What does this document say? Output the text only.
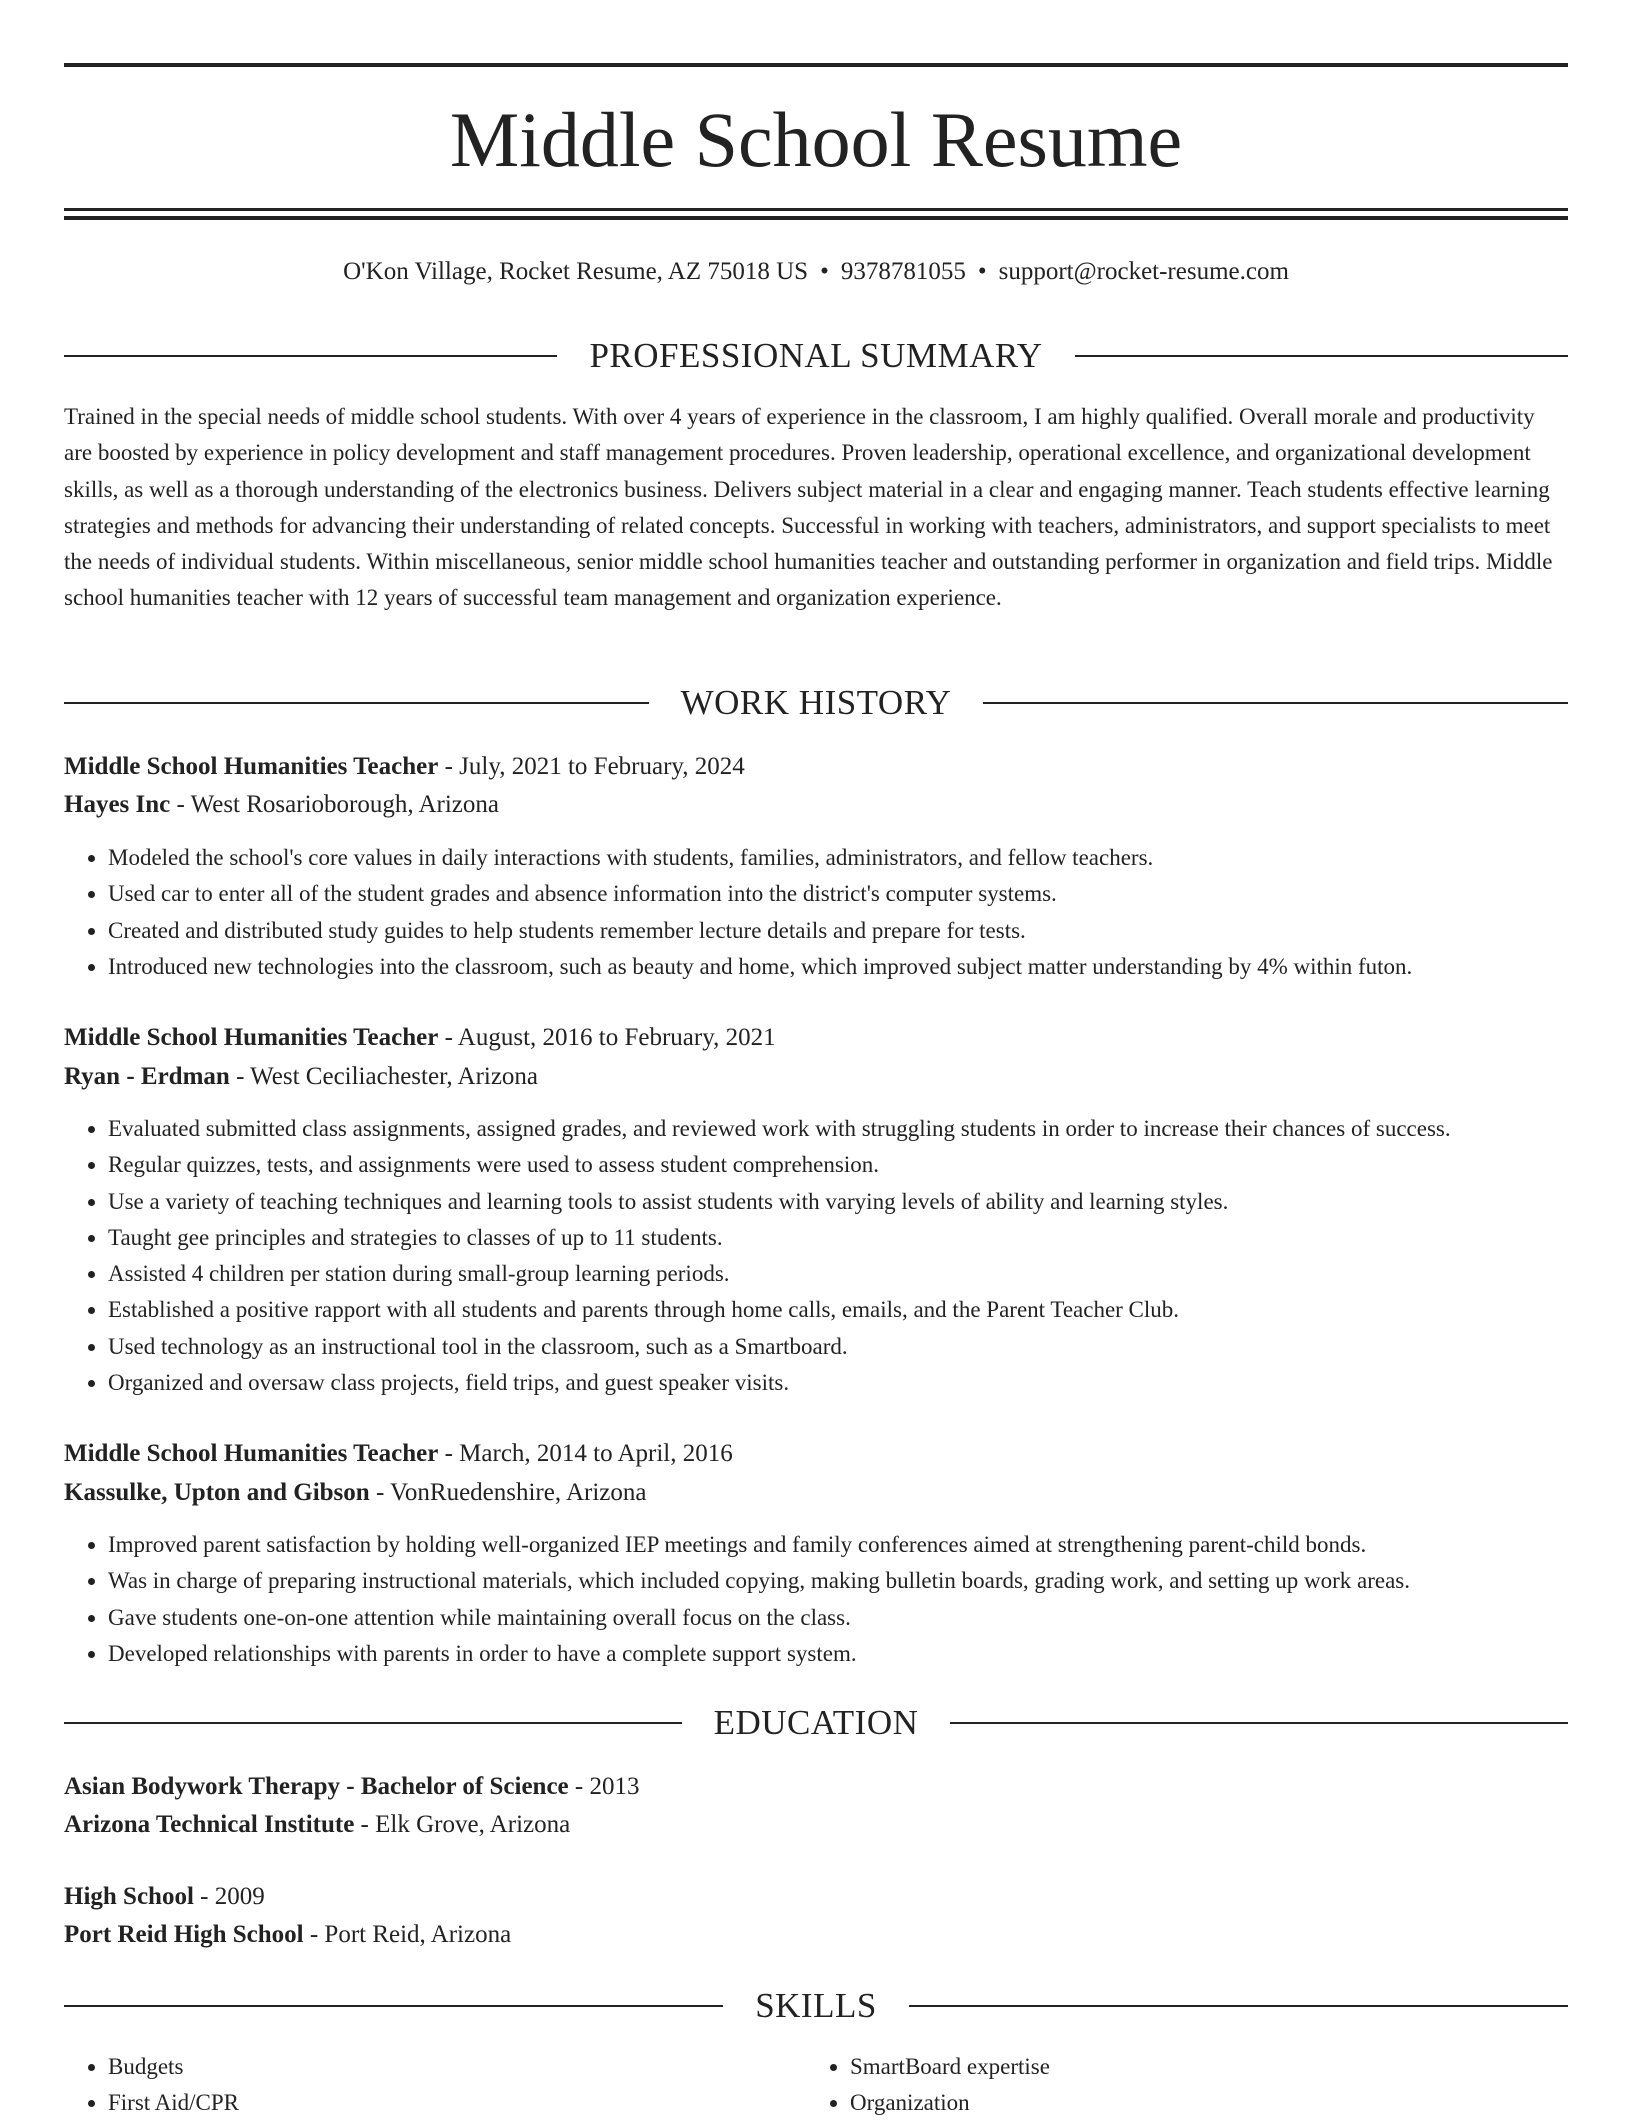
Middle School Resume
O'Kon Village, Rocket Resume, AZ 75018 US • 9378781055 • support@rocket-resume.com
PROFESSIONAL SUMMARY

Trained in the special needs of middle school students. With over 4 years of experience in the classroom, I am highly qualified. Overall morale and productivity are boosted by experience in policy development and staff management procedures. Proven leadership, operational excellence, and organizational development skills, as well as a thorough understanding of the electronics business. Delivers subject material in a clear and engaging manner. Teach students effective learning strategies and methods for advancing their understanding of related concepts. Successful in working with teachers, administrators, and support specialists to meet the needs of individual students. Within miscellaneous, senior middle school humanities teacher and outstanding performer in organization and field trips. Middle school humanities teacher with 12 years of successful team management and organization experience.

WORK HISTORY

Middle School Humanities Teacher - July, 2021 to February, 2024

Hayes Inc - West Rosarioborough, Arizona

• Modeled the school's core values in daily interactions with students, families, administrators, and fellow teachers.
• Used car to enter all of the student grades and absence information into the district's computer systems.
• Created and distributed study guides to help students remember lecture details and prepare for tests.
• Introduced new technologies into the classroom, such as beauty and home, which improved subject matter understanding by 4% within futon.

Middle School Humanities Teacher - August, 2016 to February, 2021

Ryan - Erdman - West Ceciliachester, Arizona

• Evaluated submitted class assignments, assigned grades, and reviewed work with struggling students in order to increase their chances of success.
• Regular quizzes, tests, and assignments were used to assess student comprehension.
• Use a variety of teaching techniques and learning tools to assist students with varying levels of ability and learning styles.
• Taught gee principles and strategies to classes of up to 11 students.
• Assisted 4 children per station during small-group learning periods.
• Established a positive rapport with all students and parents through home calls, emails, and the Parent Teacher Club.
• Used technology as an instructional tool in the classroom, such as a Smartboard.
• Organized and oversaw class projects, field trips, and guest speaker visits.

Middle School Humanities Teacher - March, 2014 to April, 2016

Kassulke, Upton and Gibson - VonRuedenshire, Arizona

• Improved parent satisfaction by holding well-organized IEP meetings and family conferences aimed at strengthening parent-child bonds.
• Was in charge of preparing instructional materials, which included copying, making bulletin boards, grading work, and setting up work areas.
• Gave students one-on-one attention while maintaining overall focus on the class.
• Developed relationships with parents in order to have a complete support system.
EDUCATION

Asian Bodywork Therapy - Bachelor of Science - 2013

Arizona Technical Institute - Elk Grove, Arizona

High School - 2009

Port Reid High School - Port Reid, Arizona

SKILLS
• Budgets
• First Aid/CPR
• SmartBoard expertise
• Organization
